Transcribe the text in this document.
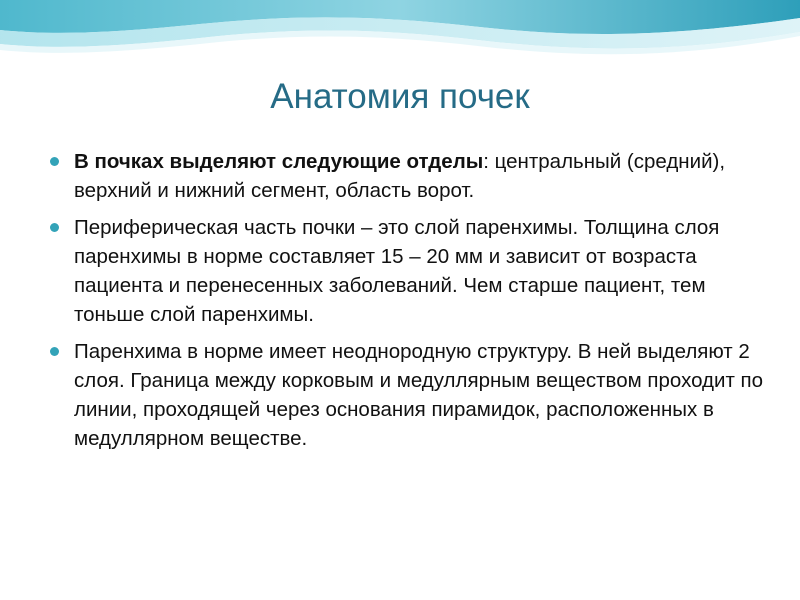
Анатомия почек
В почках выделяют следующие отделы: центральный (средний), верхний и нижний сегмент, область ворот.
Периферическая часть почки – это слой паренхимы. Толщина слоя паренхимы в норме составляет 15 – 20 мм и зависит от возраста пациента и перенесенных заболеваний. Чем старше пациент, тем тоньше слой паренхимы.
Паренхима в норме имеет неоднородную структуру. В ней выделяют 2 слоя. Граница между корковым и медуллярным веществом проходит по линии, проходящей через основания пирамидок, расположенных в медуллярном веществе.
